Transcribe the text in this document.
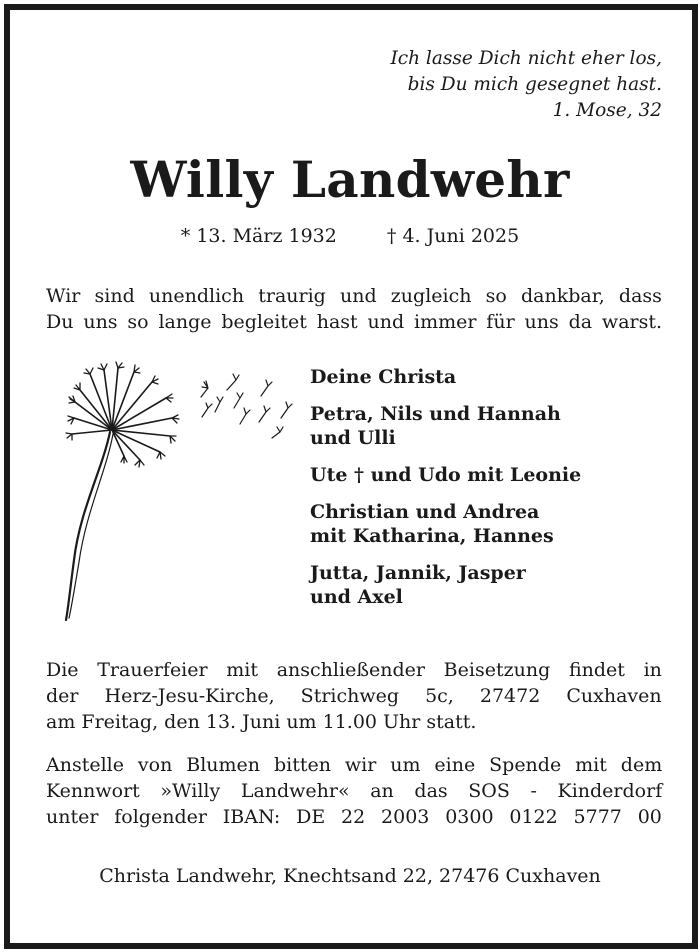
Ich lasse Dich nicht eher los,
bis Du mich gesegnet hast.
1. Mose, 32
Willy Landwehr
* 13. März 1932	† 4. Juni 2025
Wir sind unendlich traurig und zugleich so dankbar, dass
Du uns so lange begleitet hast und immer für uns da warst.
Deine Christa
Petra, Nils und Hannah
und Ulli
Ute † und Udo mit Leonie
Christian und Andrea
mit Katharina, Hannes
Jutta, Jannik, Jasper
und Axel
Die Trauerfeier mit anschließender Beisetzung findet in
der Herz-Jesu-Kirche, Strichweg 5c, 27472 Cuxhaven
am Freitag, den 13. Juni um 11.00 Uhr statt.
Anstelle von Blumen bitten wir um eine Spende mit dem
Kennwort »Willy Landwehr« an das SOS - Kinderdorf
unter folgender IBAN: DE 22 2003 0300 0122 5777 00
Christa Landwehr, Knechtsand 22, 27476 Cuxhaven
